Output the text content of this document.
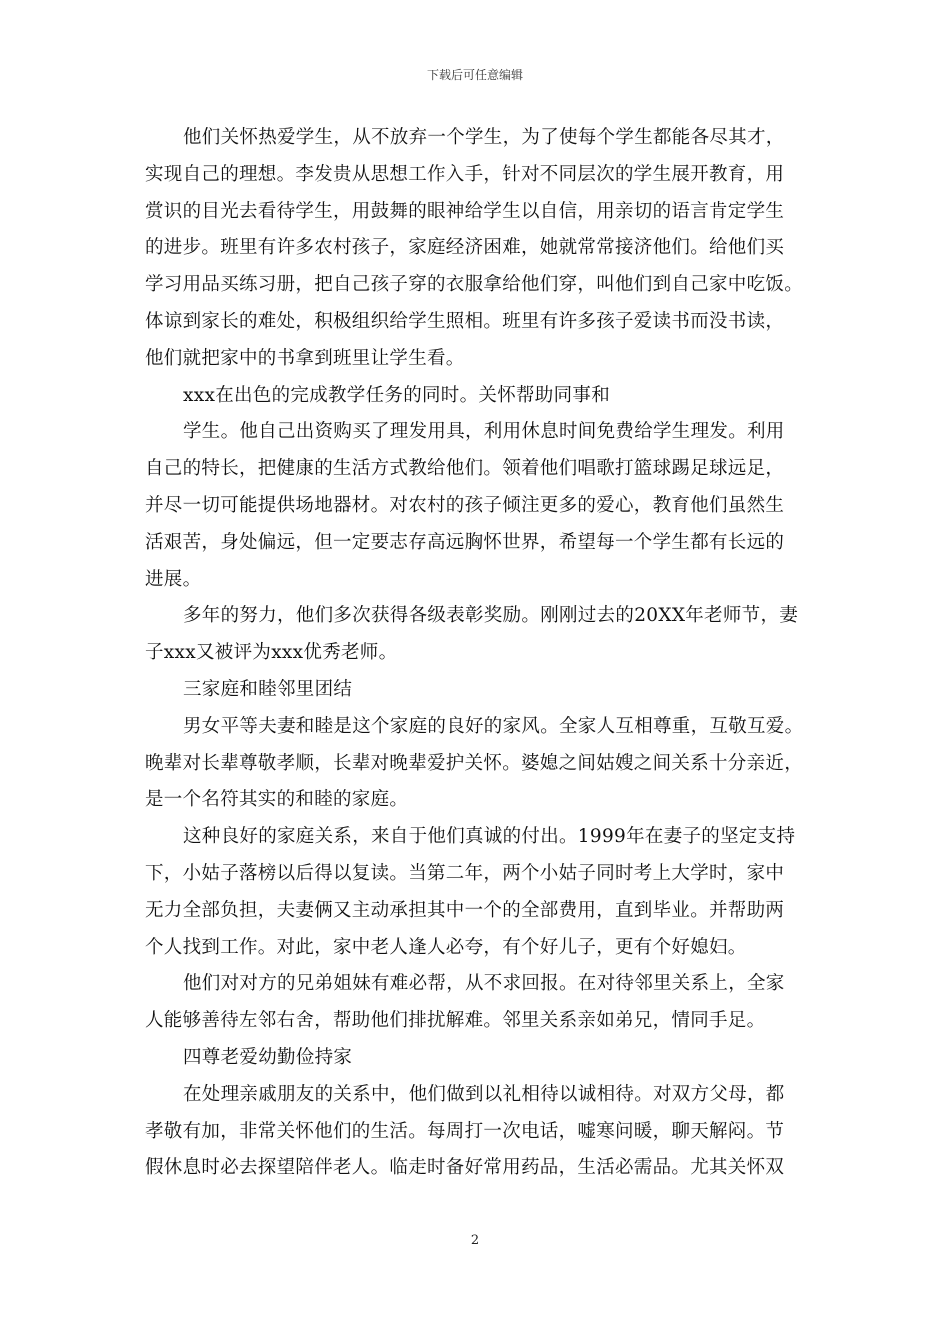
下载后可任意编辑
他们关怀热爱学生，从不放弃一个学生，为了使每个学生都能各尽其才，
实现自己的理想。李发贵从思想工作入手，针对不同层次的学生展开教育，用
赏识的目光去看待学生，用鼓舞的眼神给学生以自信，用亲切的语言肯定学生
的进步。班里有许多农村孩子，家庭经济困难，她就常常接济他们。给他们买
学习用品买练习册，把自己孩子穿的衣服拿给他们穿，叫他们到自己家中吃饭。
体谅到家长的难处，积极组织给学生照相。班里有许多孩子爱读书而没书读，
他们就把家中的书拿到班里让学生看。
xxx在出色的完成教学任务的同时。关怀帮助同事和
学生。他自己出资购买了理发用具，利用休息时间免费给学生理发。利用
自己的特长，把健康的生活方式教给他们。领着他们唱歌打篮球踢足球远足，
并尽一切可能提供场地器材。对农村的孩子倾注更多的爱心，教育他们虽然生
活艰苦，身处偏远，但一定要志存高远胸怀世界，希望每一个学生都有长远的
进展。
多年的努力，他们多次获得各级表彰奖励。刚刚过去的20XX年老师节，妻
子xxx又被评为xxx优秀老师。
三家庭和睦邻里团结
男女平等夫妻和睦是这个家庭的良好的家风。全家人互相尊重，互敬互爱。
晚辈对长辈尊敬孝顺，长辈对晚辈爱护关怀。婆媳之间姑嫂之间关系十分亲近，
是一个名符其实的和睦的家庭。
这种良好的家庭关系，来自于他们真诚的付出。1999年在妻子的坚定支持
下，小姑子落榜以后得以复读。当第二年，两个小姑子同时考上大学时，家中
无力全部负担，夫妻俩又主动承担其中一个的全部费用，直到毕业。并帮助两
个人找到工作。对此，家中老人逢人必夸，有个好儿子，更有个好媳妇。
他们对对方的兄弟姐妹有难必帮，从不求回报。在对待邻里关系上，全家
人能够善待左邻右舍，帮助他们排扰解难。邻里关系亲如弟兄，情同手足。
四尊老爱幼勤俭持家
在处理亲戚朋友的关系中，他们做到以礼相待以诚相待。对双方父母，都
孝敬有加，非常关怀他们的生活。每周打一次电话，嘘寒问暖，聊天解闷。节
假休息时必去探望陪伴老人。临走时备好常用药品，生活必需品。尤其关怀双
2
